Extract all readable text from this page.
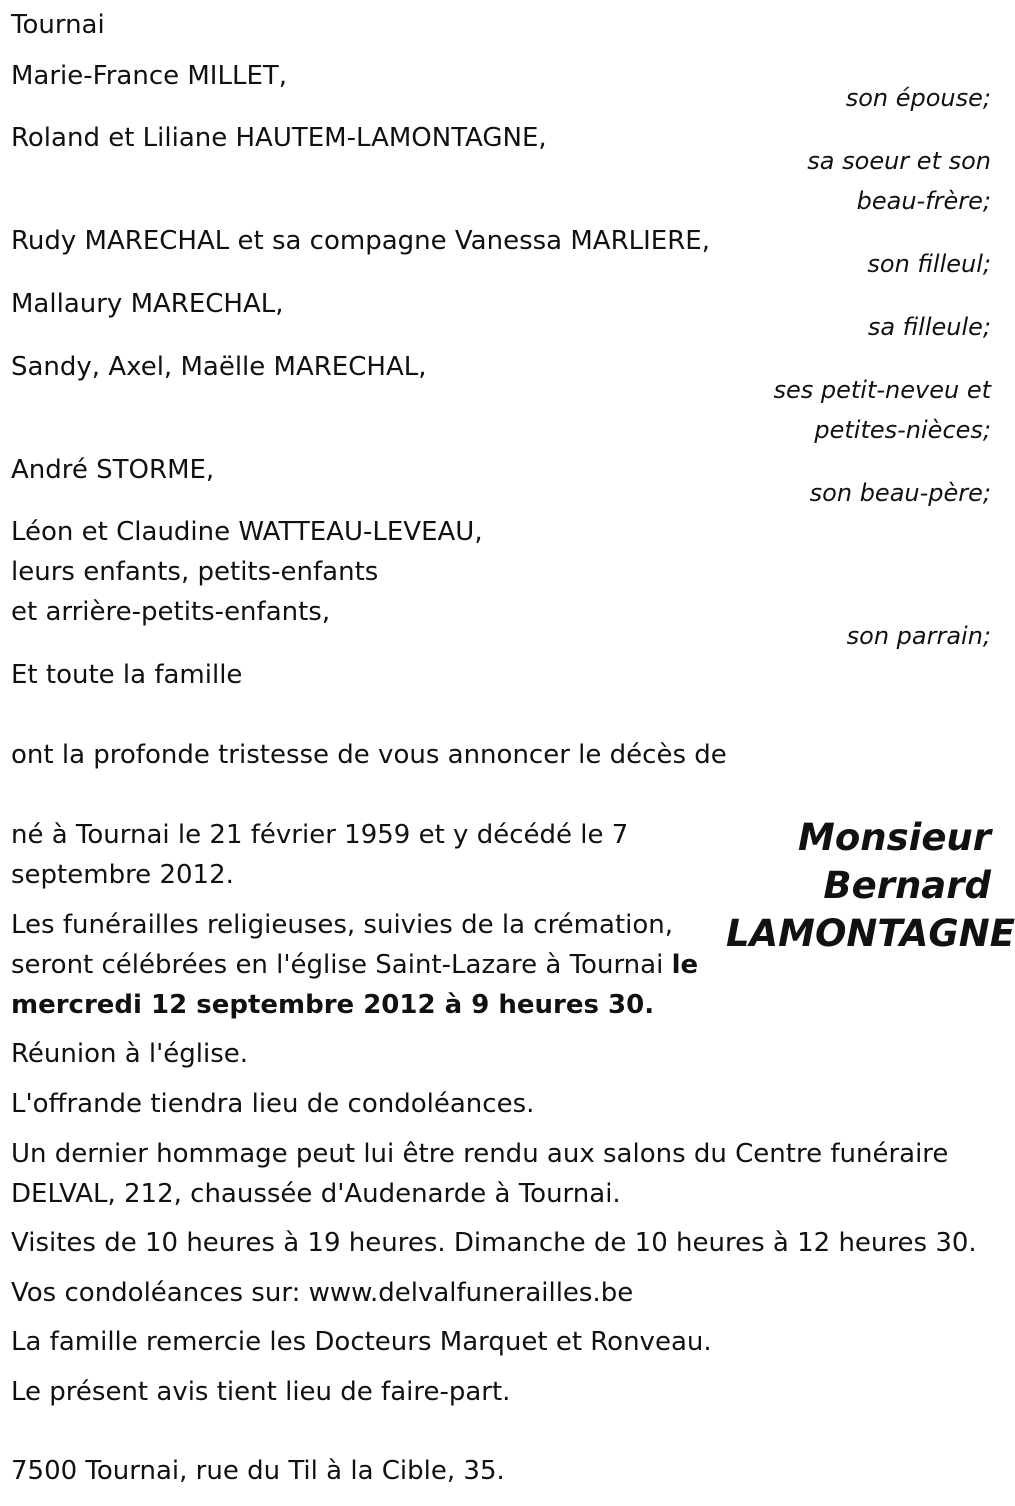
Tournai
Marie-France MILLET,
son épouse;
Roland et Liliane HAUTEM-LAMONTAGNE,
sa soeur et son
beau-frère;
Rudy MARECHAL et sa compagne Vanessa MARLIERE,
son filleul;
Mallaury MARECHAL,
sa filleule;
Sandy, Axel, Maëlle MARECHAL,
ses petit-neveu et
petites-nièces;
André STORME,
son beau-père;
Léon et Claudine WATTEAU-LEVEAU,
leurs enfants, petits-enfants
et arrière-petits-enfants,
son parrain;
Et toute la famille
ont la profonde tristesse de vous annoncer le décès de
Monsieur
Bernard
LAMONTAGNE
né à Tournai le 21 février 1959 et y décédé le 7
septembre 2012.
Les funérailles religieuses, suivies de la crémation,
seront célébrées en l'église Saint-Lazare à Tournai le
mercredi 12 septembre 2012 à 9 heures 30.
Réunion à l'église.
L'offrande tiendra lieu de condoléances.
Un dernier hommage peut lui être rendu aux salons du Centre funéraire
DELVAL, 212, chaussée d'Audenarde à Tournai.
Visites de 10 heures à 19 heures. Dimanche de 10 heures à 12 heures 30.
Vos condoléances sur: www.delvalfunerailles.be
La famille remercie les Docteurs Marquet et Ronveau.
Le présent avis tient lieu de faire-part.
7500 Tournai, rue du Til à la Cible, 35.
